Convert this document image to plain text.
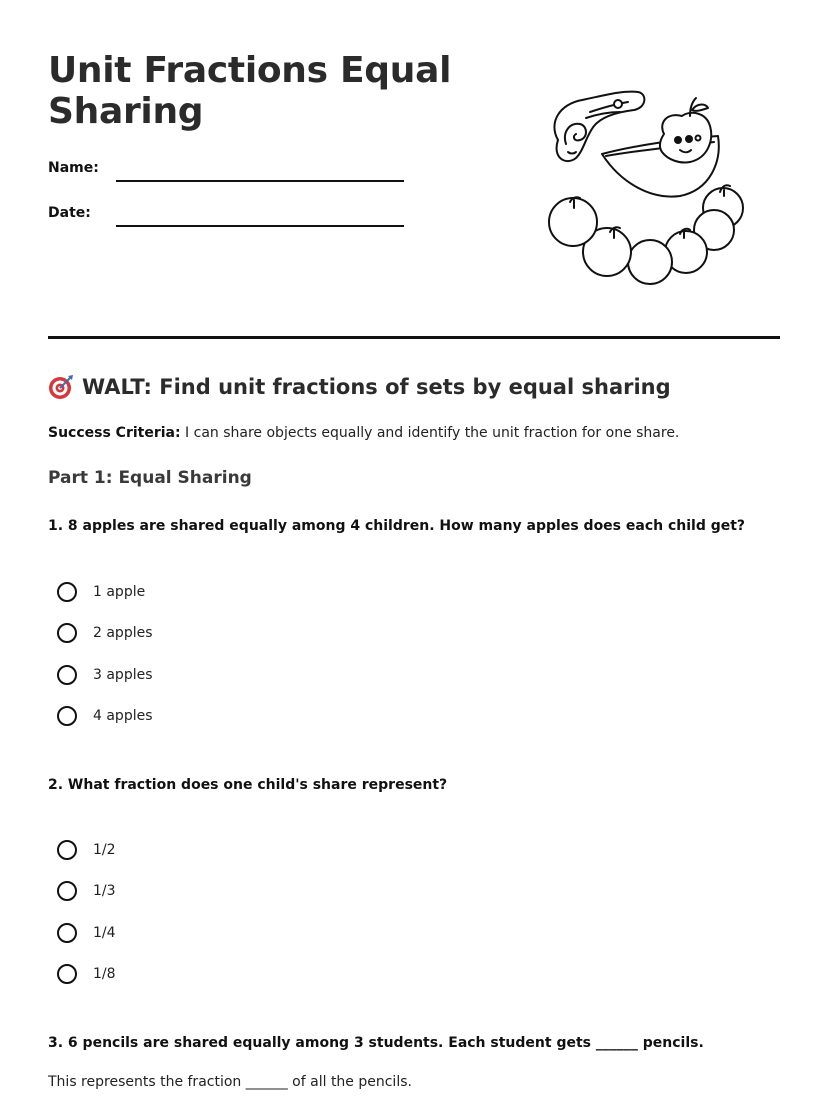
Unit Fractions Equal Sharing
Name:
Date:
WALT: Find unit fractions of sets by equal sharing
Success Criteria: I can share objects equally and identify the unit fraction for one share.
Part 1: Equal Sharing
1. 8 apples are shared equally among 4 children. How many apples does each child get?
1 apple
2 apples
3 apples
4 apples
2. What fraction does one child's share represent?
1/2
1/3
1/4
1/8
3. 6 pencils are shared equally among 3 students. Each student gets ______ pencils.
This represents the fraction ______ of all the pencils.
